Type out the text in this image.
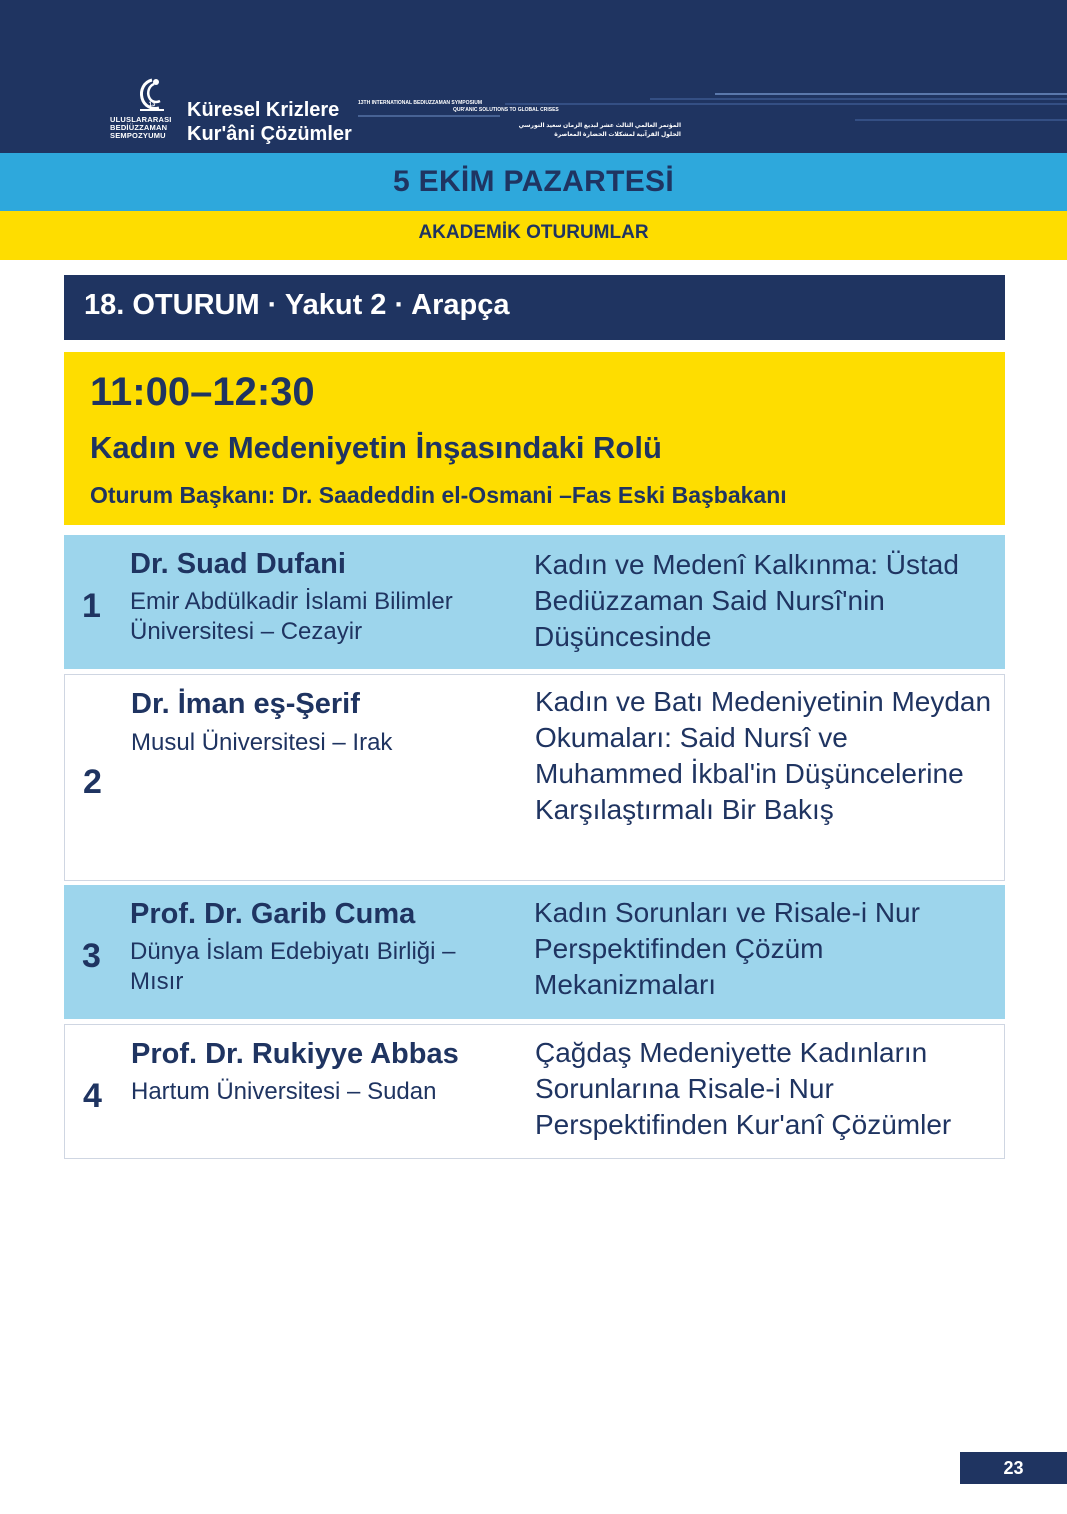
13
ULUSLARARASI
BEDİÜZZAMAN
SEMPOZYUMU
Küresel Krizlere
Kur'âni Çözümler
13TH INTERNATIONAL BEDIUZZAMAN SYMPOSIUM
QUR'ANIC SOLUTIONS TO GLOBAL CRISES
المؤتمر العالمي الثالث عشر لبديع الزمان سعيد النورسي
الحلول القرآنية لمشكلات الحضارة المعاصرة
5 EKİM PAZARTESİ
AKADEMİK OTURUMLAR
18. OTURUM · Yakut 2 · Arapça
11:00–12:30
Kadın ve Medeniyetin İnşasındaki Rolü
Oturum Başkanı: Dr. Saadeddin el-Osmani –Fas Eski Başbakanı
1
Dr. Suad Dufani
Emir Abdülkadir İslami Bilimler Üniversitesi – Cezayir
Kadın ve Medenî Kalkınma: Üstad Bediüzzaman Said Nursî'nin Düşüncesinde
2
Dr. İman eş-Şerif
Musul Üniversitesi – Irak
Kadın ve Batı Medeniyetinin Meydan Okumaları: Said Nursî ve Muhammed İkbal'in Düşüncelerine Karşılaştırmalı Bir Bakış
3
Prof. Dr. Garib Cuma
Dünya İslam Edebiyatı Birliği – Mısır
Kadın Sorunları ve Risale-i Nur Perspektifinden Çözüm Mekanizmaları
4
Prof. Dr. Rukiyye Abbas
Hartum Üniversitesi – Sudan
Çağdaş Medeniyette Kadınların Sorunlarına Risale-i Nur Perspektifinden Kur'anî Çözümler
23
